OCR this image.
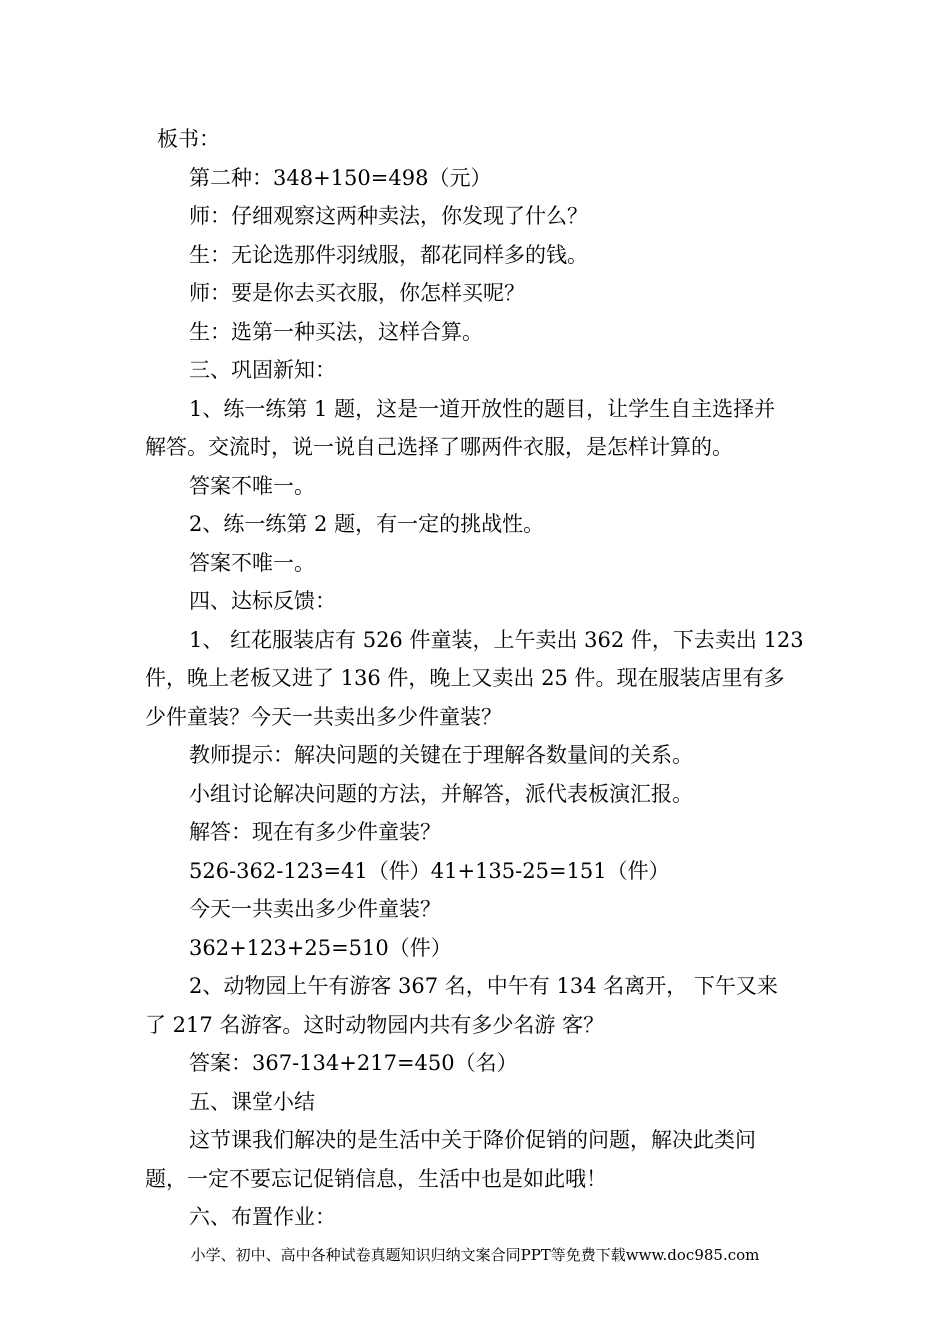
板书：

第二种：348+150=498（元）

师：仔细观察这两种卖法，你发现了什么？

生：无论选那件羽绒服，都花同样多的钱。

师：要是你去买衣服，你怎样买呢？

生：选第一种买法，这样合算。

三、巩固新知：

1、练一练第 1 题，这是一道开放性的题目，让学生自主选择并

解答。交流时，说一说自己选择了哪两件衣服，是怎样计算的。

答案不唯一。

2、练一练第 2 题，有一定的挑战性。

答案不唯一。

四、达标反馈：

1、 红花服装店有 526 件童装，上午卖出 362 件，下去卖出 123

件，晚上老板又进了 136 件，晚上又卖出 25 件。现在服装店里有多

少件童装？今天一共卖出多少件童装？

教师提示：解决问题的关键在于理解各数量间的关系。

小组讨论解决问题的方法，并解答，派代表板演汇报。

解答：现在有多少件童装？

526-362-123=41（件）41+135-25=151（件）

今天一共卖出多少件童装？

362+123+25=510（件）

2、动物园上午有游客 367 名，中午有 134 名离开， 下午又来

了 217 名游客。这时动物园内共有多少名游 客？

答案：367-134+217=450（名）

五、课堂小结

这节课我们解决的是生活中关于降价促销的问题，解决此类问

题，一定不要忘记促销信息，生活中也是如此哦！

六、布置作业：

小学、初中、高中各种试卷真题知识归纳文案合同PPT等免费下载www.doc985.com
